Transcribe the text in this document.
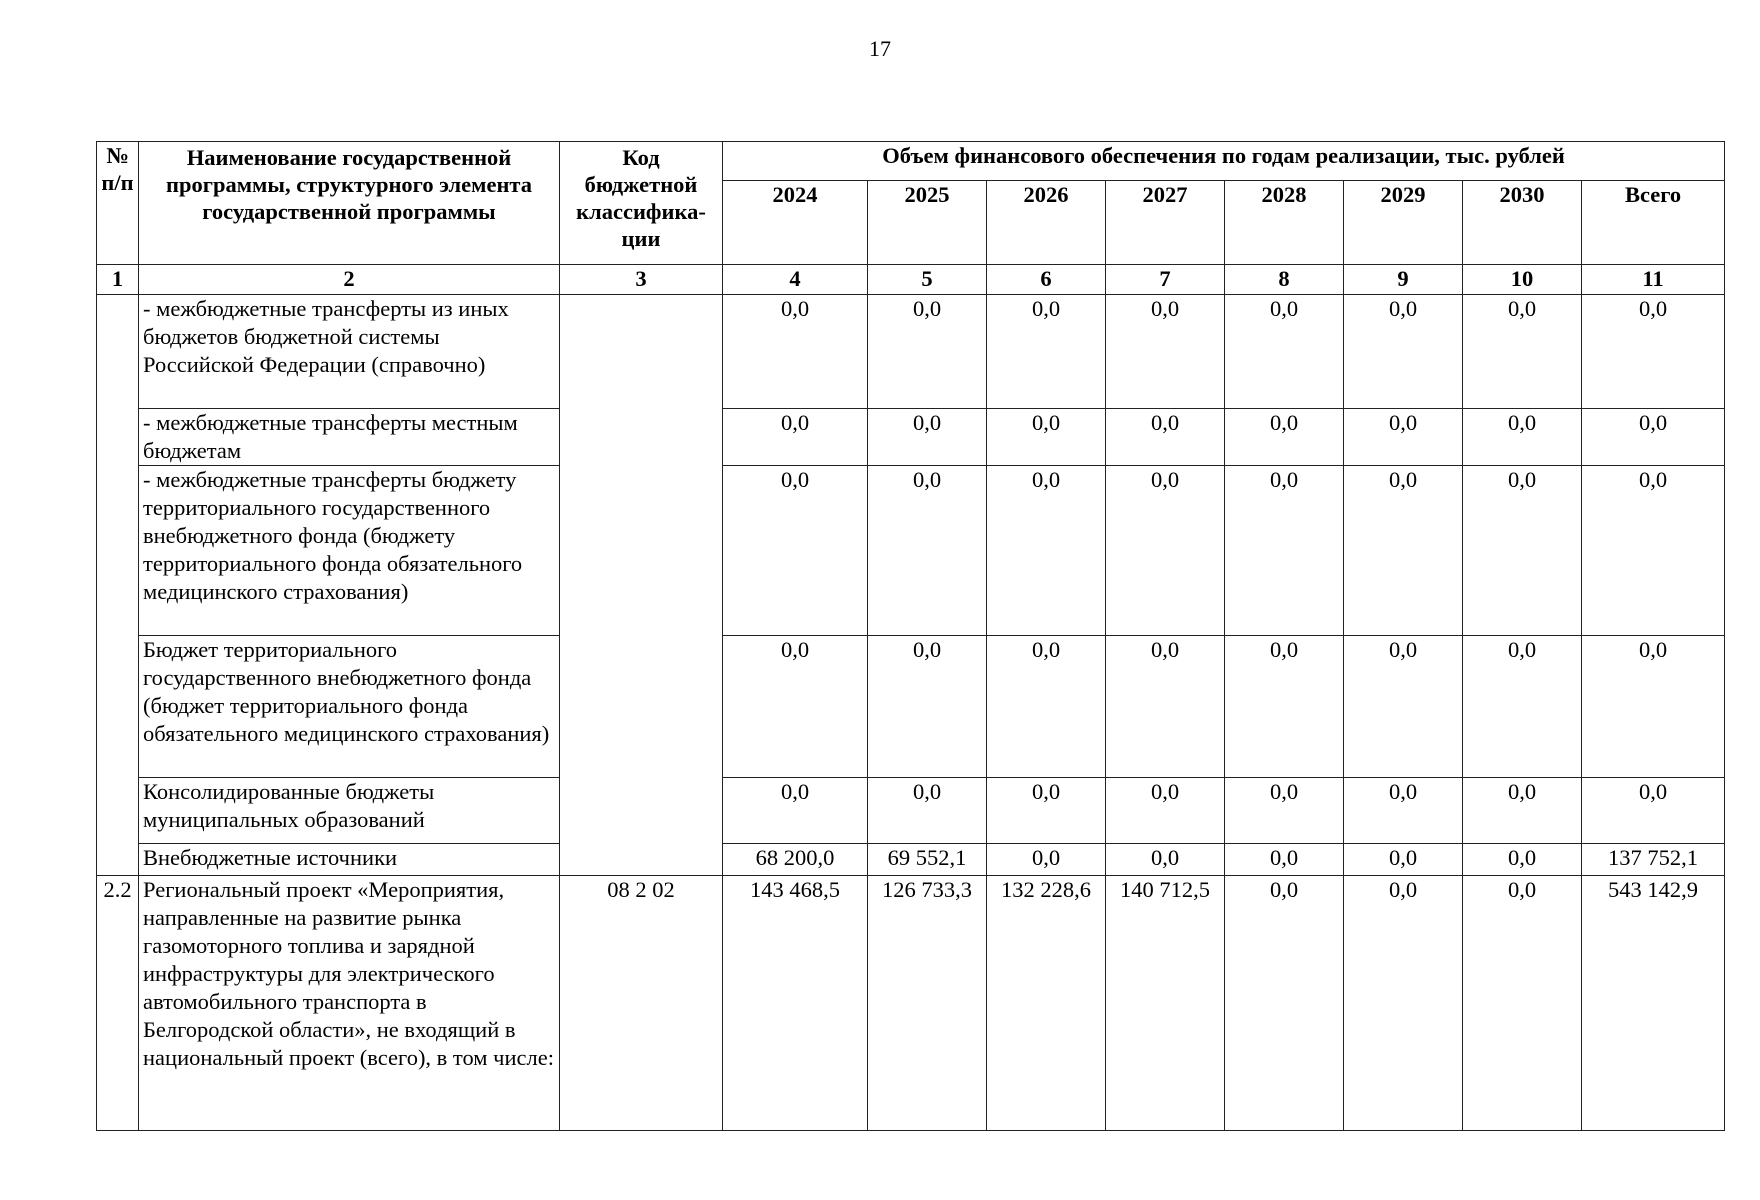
17
№ п/п	Наименование государственной программы, структурного элемента государственной программы	Код бюджетной классифика-ции	Объем финансового обеспечения по годам реализации, тыс. рублей							
			2024	2025	2026	2027	2028	2029	2030	Всего
1	2	3	4	5	6	7	8	9	10	11
	- межбюджетные трансферты из иных бюджетов бюджетной системы Российской Федерации (справочно)		0,0	0,0	0,0	0,0	0,0	0,0	0,0	0,0
	- межбюджетные трансферты местным бюджетам		0,0	0,0	0,0	0,0	0,0	0,0	0,0	0,0
	- межбюджетные трансферты бюджету территориального государственного внебюджетного фонда (бюджету территориального фонда обязательного медицинского страхования)		0,0	0,0	0,0	0,0	0,0	0,0	0,0	0,0
	Бюджет территориального государственного внебюджетного фонда (бюджет территориального фонда обязательного медицинского страхования)		0,0	0,0	0,0	0,0	0,0	0,0	0,0	0,0
	Консолидированные бюджеты муниципальных образований		0,0	0,0	0,0	0,0	0,0	0,0	0,0	0,0
	Внебюджетные источники		68 200,0	69 552,1	0,0	0,0	0,0	0,0	0,0	137 752,1
2.2	Региональный проект «Мероприятия, направленные на развитие рынка газомоторного топлива и зарядной инфраструктуры для электрического автомобильного транспорта в Белгородской области», не входящий в национальный проект (всего), в том числе:	08 2 02	143 468,5	126 733,3	132 228,6	140 712,5	0,0	0,0	0,0	543 142,9
